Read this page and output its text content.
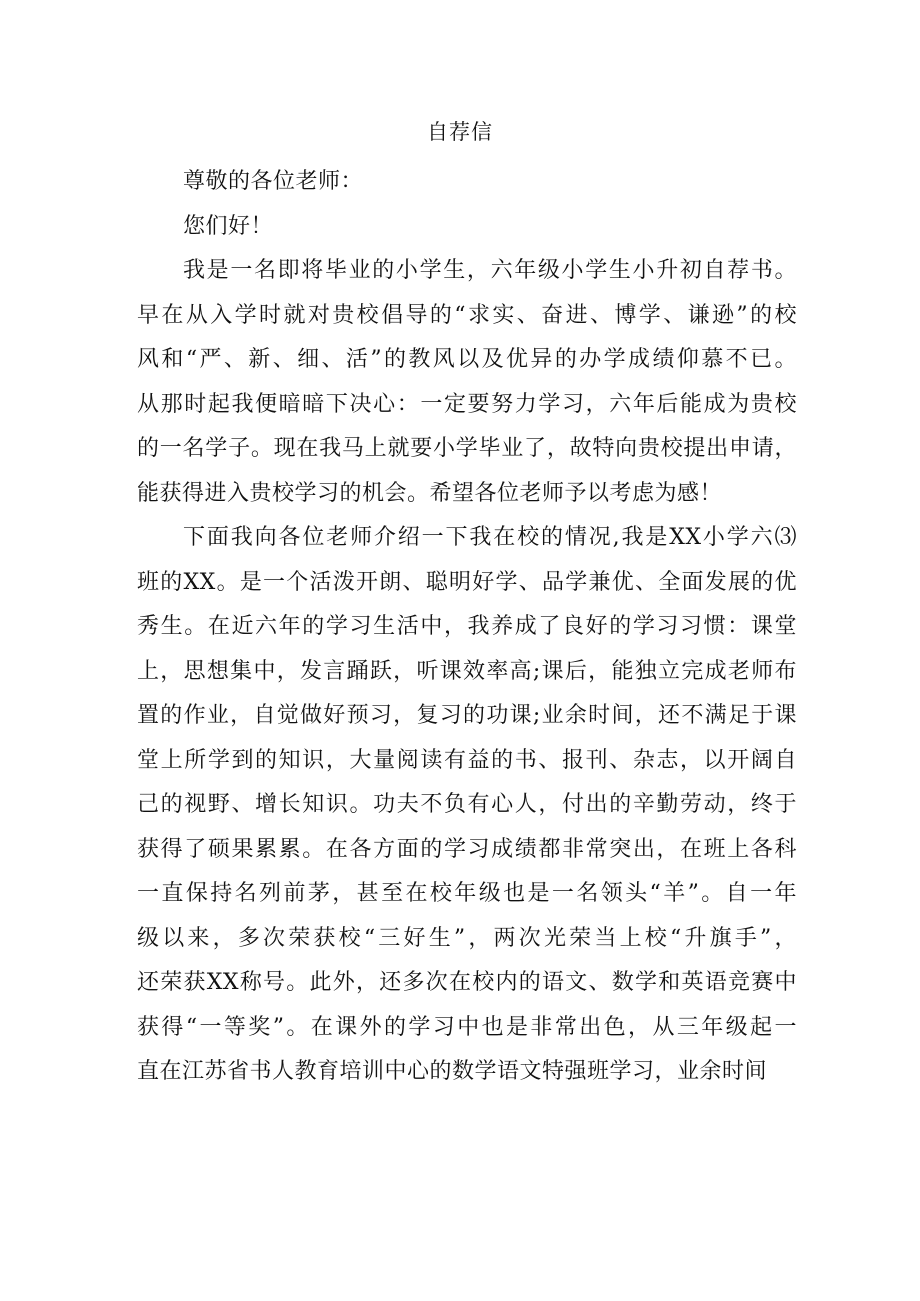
自荐信
尊敬的各位老师：
您们好！
我是一名即将毕业的小学生，六年级小学生小升初自荐书。
早在从入学时就对贵校倡导的“求实、奋进、博学、谦逊”的校
风和“严、新、细、活”的教风以及优异的办学成绩仰慕不已。
从那时起我便暗暗下决心：一定要努力学习，六年后能成为贵校
的一名学子。现在我马上就要小学毕业了，故特向贵校提出申请，
能获得进入贵校学习的机会。希望各位老师予以考虑为感！
下面我向各位老师介绍一下我在校的情况,我是XX小学六⑶
班的XX。是一个活泼开朗、聪明好学、品学兼优、全面发展的优
秀生。在近六年的学习生活中，我养成了良好的学习习惯：课堂
上，思想集中，发言踊跃，听课效率高;课后，能独立完成老师布
置的作业，自觉做好预习，复习的功课;业余时间，还不满足于课
堂上所学到的知识，大量阅读有益的书、报刊、杂志，以开阔自
己的视野、增长知识。功夫不负有心人，付出的辛勤劳动，终于
获得了硕果累累。在各方面的学习成绩都非常突出，在班上各科
一直保持名列前茅，甚至在校年级也是一名领头“羊”。自一年
级以来，多次荣获校“三好生”，两次光荣当上校“升旗手”，
还荣获XX称号。此外，还多次在校内的语文、数学和英语竞赛中
获得“一等奖”。在课外的学习中也是非常出色，从三年级起一
直在江苏省书人教育培训中心的数学语文特强班学习，业余时间
